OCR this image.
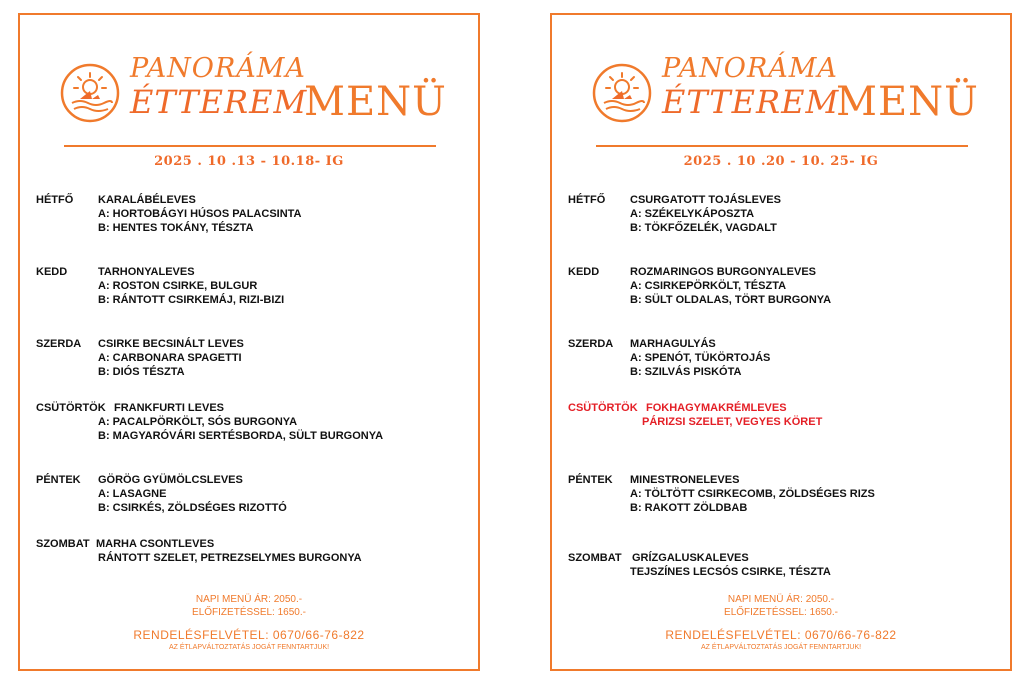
PANORÁMA
ÉTTEREM
MENÜ
2025 . 10 .13 - 10.18- IG
HÉTFŐ KARALÁBÉLEVES
A: HORTOBÁGYI HÚSOS PALACSINTA
B: HENTES TOKÁNY, TÉSZTA
KEDD	TARHONYALEVES
A: ROSTON CSIRKE, BULGUR
B: RÁNTOTT CSIRKEMÁJ, RIZI-BIZI
SZERDA CSIRKE BECSINÁLT LEVES
A: CARBONARA SPAGETTI
B: DIÓS TÉSZTA
CSÜTÖRTÖK FRANKFURTI LEVES
A: PACALPÖRKÖLT, SÓS BURGONYA
B: MAGYARÓVÁRI SERTÉSBORDA, SÜLT BURGONYA
PÉNTEK GÖRÖG GYÜMÖLCSLEVES
A: LASAGNE
B: CSIRKÉS, ZÖLDSÉGES RIZOTTÓ
SZOMBAT MARHA CSONTLEVES
RÁNTOTT SZELET, PETREZSELYMES BURGONYA
NAPI MENÜ ÁR: 2050.-
ELŐFIZETÉSSEL: 1650.-
RENDELÉSFELVÉTEL: 0670/66-76-822
AZ ÉTLAPVÁLTOZTATÁS JOGÁT FENNTARTJUK!
PANORÁMA
ÉTTEREM
MENÜ
2025 . 10 .20 - 10. 25- IG
HÉTFŐ CSURGATOTT TOJÁSLEVES
A: SZÉKELYKÁPOSZTA
B: TÖKFŐZELÉK, VAGDALT
KEDD	ROZMARINGOS BURGONYALEVES
A: CSIRKEPÖRKÖLT, TÉSZTA
B: SÜLT OLDALAS, TÖRT BURGONYA
SZERDA MARHAGULYÁS
A: SPENÓT, TÜKÖRTOJÁS
B: SZILVÁS PISKÓTA
CSÜTÖRTÖK FOKHAGYMAKRÉMLEVES
PÁRIZSI SZELET, VEGYES KÖRET
PÉNTEK MINESTRONELEVES
A: TÖLTÖTT CSIRKECOMB, ZÖLDSÉGES RIZS
B: RAKOTT ZÖLDBAB
SZOMBAT GRÍZGALUSKALEVES
TEJSZÍNES LECSÓS CSIRKE, TÉSZTA
NAPI MENÜ ÁR: 2050.-
ELŐFIZETÉSSEL: 1650.-
RENDELÉSFELVÉTEL: 0670/66-76-822
AZ ÉTLAPVÁLTOZTATÁS JOGÁT FENNTARTJUK!
